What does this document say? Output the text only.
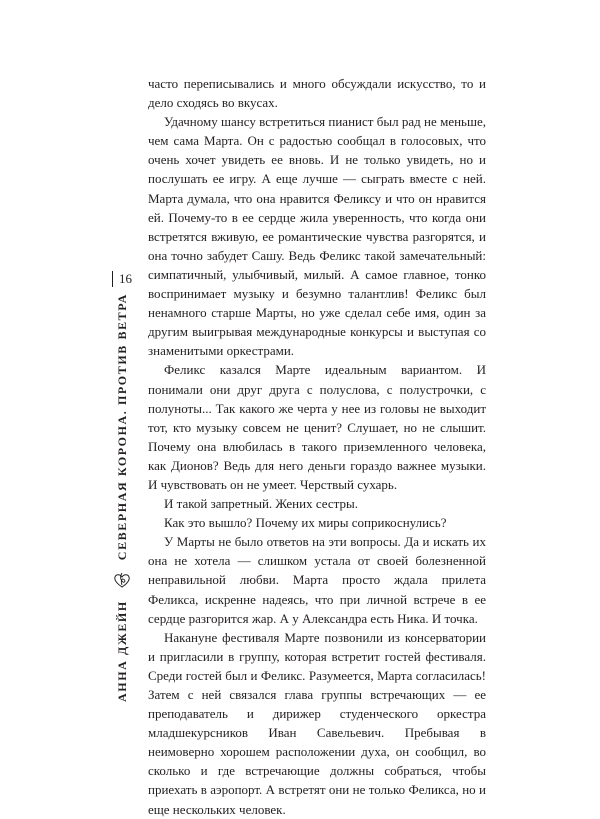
АННА ДЖЕЙН
СЕВЕРНАЯ КОРОНА. ПРОТИВ ВЕТРА
16

часто переписывались и много обсуждали искусство, то и дело сходясь во вкусах.

Удачному шансу встретиться пианист был рад не меньше, чем сама Марта. Он с радостью сообщал в голосовых, что очень хочет увидеть ее вновь. И не только увидеть, но и послушать ее игру. А еще лучше — сыграть вместе с ней. Марта думала, что она нравится Феликсу и что он нравится ей. Почему-то в ее сердце жила уверенность, что когда они встретятся вживую, ее романтические чувства разгорятся, и она точно забудет Сашу. Ведь Феликс такой замечательный: симпатичный, улыбчивый, милый. А самое главное, тонко воспринимает музыку и безумно талантлив! Феликс был ненамного старше Марты, но уже сделал себе имя, один за другим выигрывая международные конкурсы и выступая со знаменитыми оркестрами.

Феликс казался Марте идеальным вариантом. И понимали они друг друга с полуслова, с полустрочки, с полуноты... Так какого же черта у нее из головы не выходит тот, кто музыку совсем не ценит? Слушает, но не слышит. Почему она влюбилась в такого приземленного человека, как Дионов? Ведь для него деньги гораздо важнее музыки. И чувствовать он не умеет. Черствый сухарь.

И такой запретный. Жених сестры.

Как это вышло? Почему их миры соприкоснулись?

У Марты не было ответов на эти вопросы. Да и искать их она не хотела — слишком устала от своей болезненной неправильной любви. Марта просто ждала прилета Феликса, искренне надеясь, что при личной встрече в ее сердце разгорится жар. А у Александра есть Ника. И точка.

Накануне фестиваля Марте позвонили из консерватории и пригласили в группу, которая встретит гостей фестиваля. Среди гостей был и Феликс. Разумеется, Марта согласилась! Затем с ней связался глава группы встречающих — ее преподаватель и дирижер студенческого оркестра младшекурсников Иван Савельевич. Пребывая в неимоверно хорошем расположении духа, он сообщил, во сколько и где встречающие должны собраться, чтобы приехать в аэропорт. А встретят они не только Феликса, но и еще нескольких человек.
